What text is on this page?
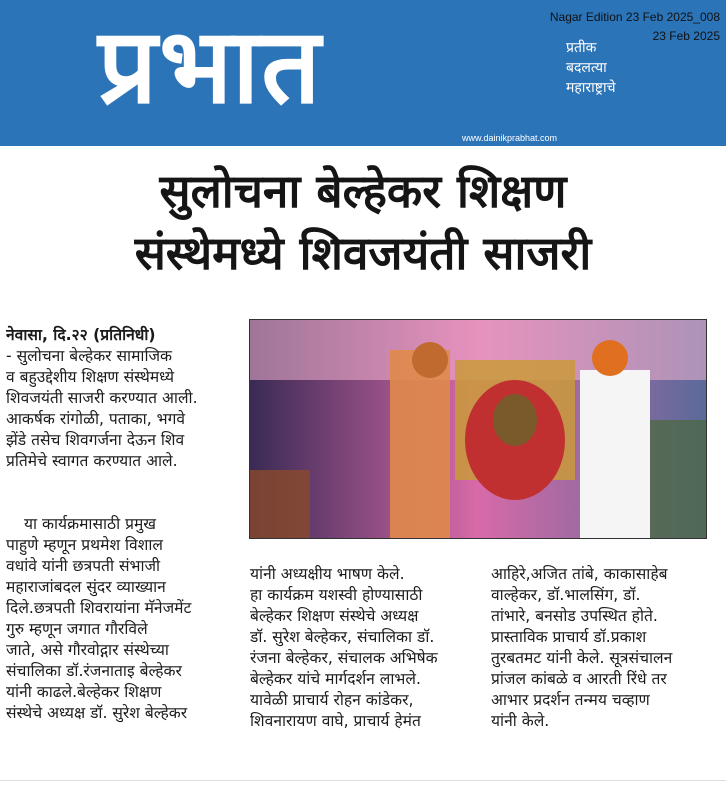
प्रभात	प्रतीक
बदलत्या
महाराष्ट्राचे
www.dainikprabhat.com
Nagar Edition 23 Feb 2025_008
23 Feb 2025
सुलोचना बेल्हेकर शिक्षण
संस्थेमध्ये शिवजयंती साजरी
नेवासा, दि.२२ (प्रतिनिधी)
- सुलोचना बेल्हेकर सामाजिक
व बहुउद्देशीय शिक्षण संस्थेमध्ये
शिवजयंती साजरी करण्यात आली.
आकर्षक रांगोळी, पताका, भगवे
झेंडे तसेच शिवगर्जना देऊन शिव
प्रतिमेचे स्वागत करण्यात आले.
या कार्यक्रमासाठी प्रमुख
पाहुणे म्हणून प्रथमेश विशाल
वधांवे यांनी छत्रपती संभाजी
महाराजांबदल सुंदर व्याख्यान
दिले.छत्रपती शिवरायांना मॅनेजमेंट
गुरु म्हणून जगात गौरविले
जाते, असे गौरवोद्गार संस्थेच्या
संचालिका डॉ.रंजनाताइ बेल्हेकर
यांनी काढले.बेल्हेकर शिक्षण
संस्थेचे अध्यक्ष डॉ. सुरेश बेल्हेकर
यांनी अध्यक्षीय भाषण केले.
हा कार्यक्रम यशस्वी होण्यासाठी
बेल्हेकर शिक्षण संस्थेचे अध्यक्ष
डॉ. सुरेश बेल्हेकर, संचालिका डॉ.
रंजना बेल्हेकर, संचालक अभिषेक
बेल्हेकर यांचे मार्गदर्शन लाभले.
यावेळी प्राचार्य रोहन कांडेकर,
शिवनारायण वाघे, प्राचार्य हेमंत
आहिरे,अजित तांबे, काकासाहेब
वाल्हेकर, डॉ.भालसिंग, डॉ.
तांभारे, बनसोड उपस्थित होते.
प्रास्ताविक प्राचार्य डॉ.प्रकाश
तुरबतमट यांनी केले. सूत्रसंचालन
प्रांजल कांबळे व आरती रिंधे तर
आभार प्रदर्शन तन्मय चव्हाण
यांनी केले.
